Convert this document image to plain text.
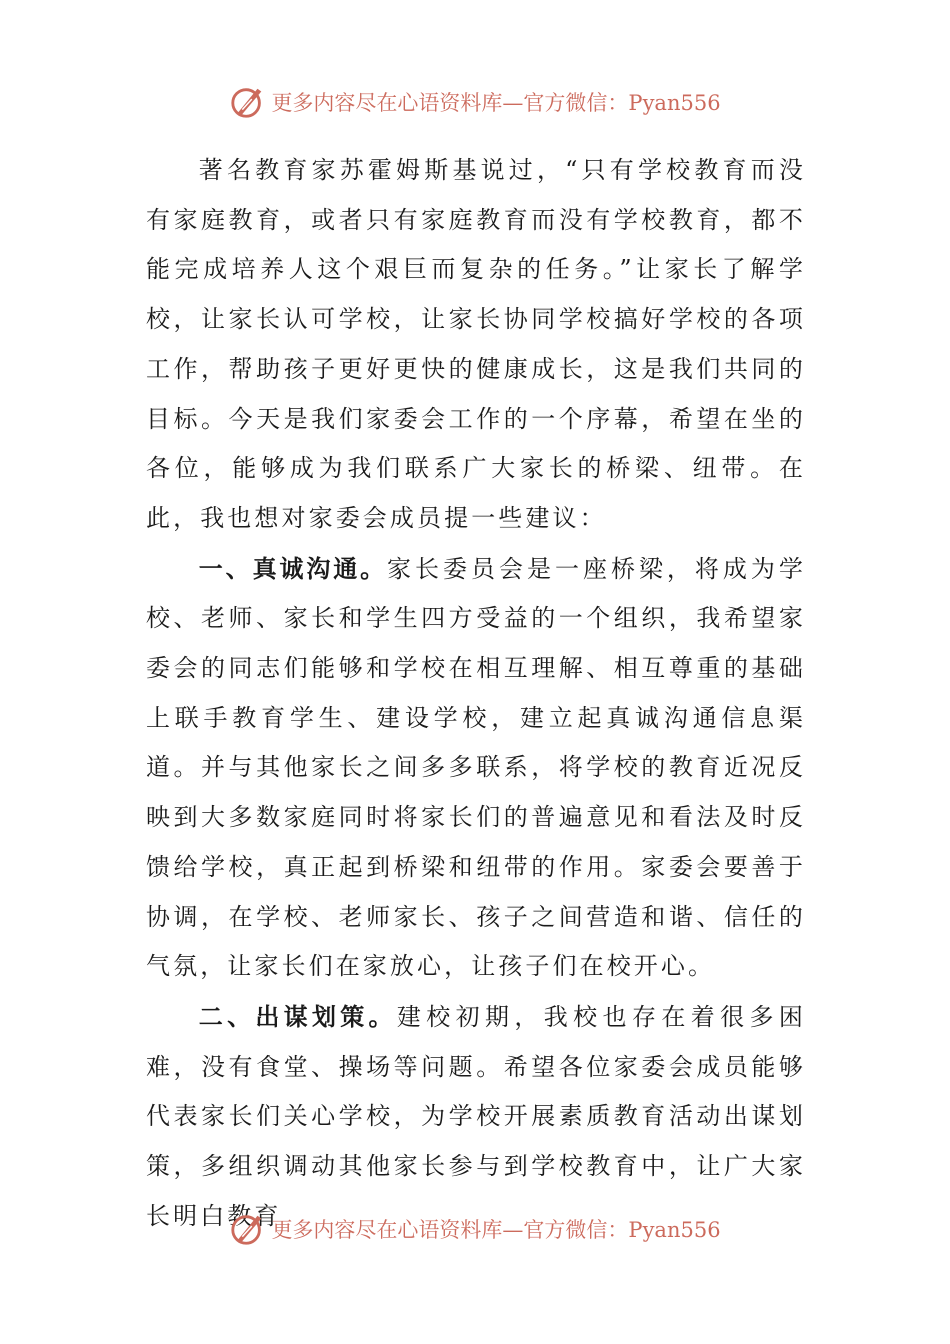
更多内容尽在心语资料库—官方微信：Pyan556

著名教育家苏霍姆斯基说过，“只有学校教育而没有家庭教育，或者只有家庭教育而没有学校教育，都不能完成培养人这个艰巨而复杂的任务。”让家长了解学校，让家长认可学校，让家长协同学校搞好学校的各项工作，帮助孩子更好更快的健康成长，这是我们共同的目标。今天是我们家委会工作的一个序幕，希望在坐的各位，能够成为我们联系广大家长的桥梁、纽带。在此，我也想对家委会成员提一些建议：

一、真诚沟通。家长委员会是一座桥梁，将成为学校、老师、家长和学生四方受益的一个组织，我希望家委会的同志们能够和学校在相互理解、相互尊重的基础上联手教育学生、建设学校，建立起真诚沟通信息渠道。并与其他家长之间多多联系，将学校的教育近况反映到大多数家庭同时将家长们的普遍意见和看法及时反馈给学校，真正起到桥梁和纽带的作用。家委会要善于协调，在学校、老师家长、孩子之间营造和谐、信任的气氛，让家长们在家放心，让孩子们在校开心。

二、出谋划策。建校初期，我校也存在着很多困难，没有食堂、操场等问题。希望各位家委会成员能够代表家长们关心学校，为学校开展素质教育活动出谋划策，多组织调动其他家长参与到学校教育中，让广大家长明白教育

更多内容尽在心语资料库—官方微信：Pyan556
